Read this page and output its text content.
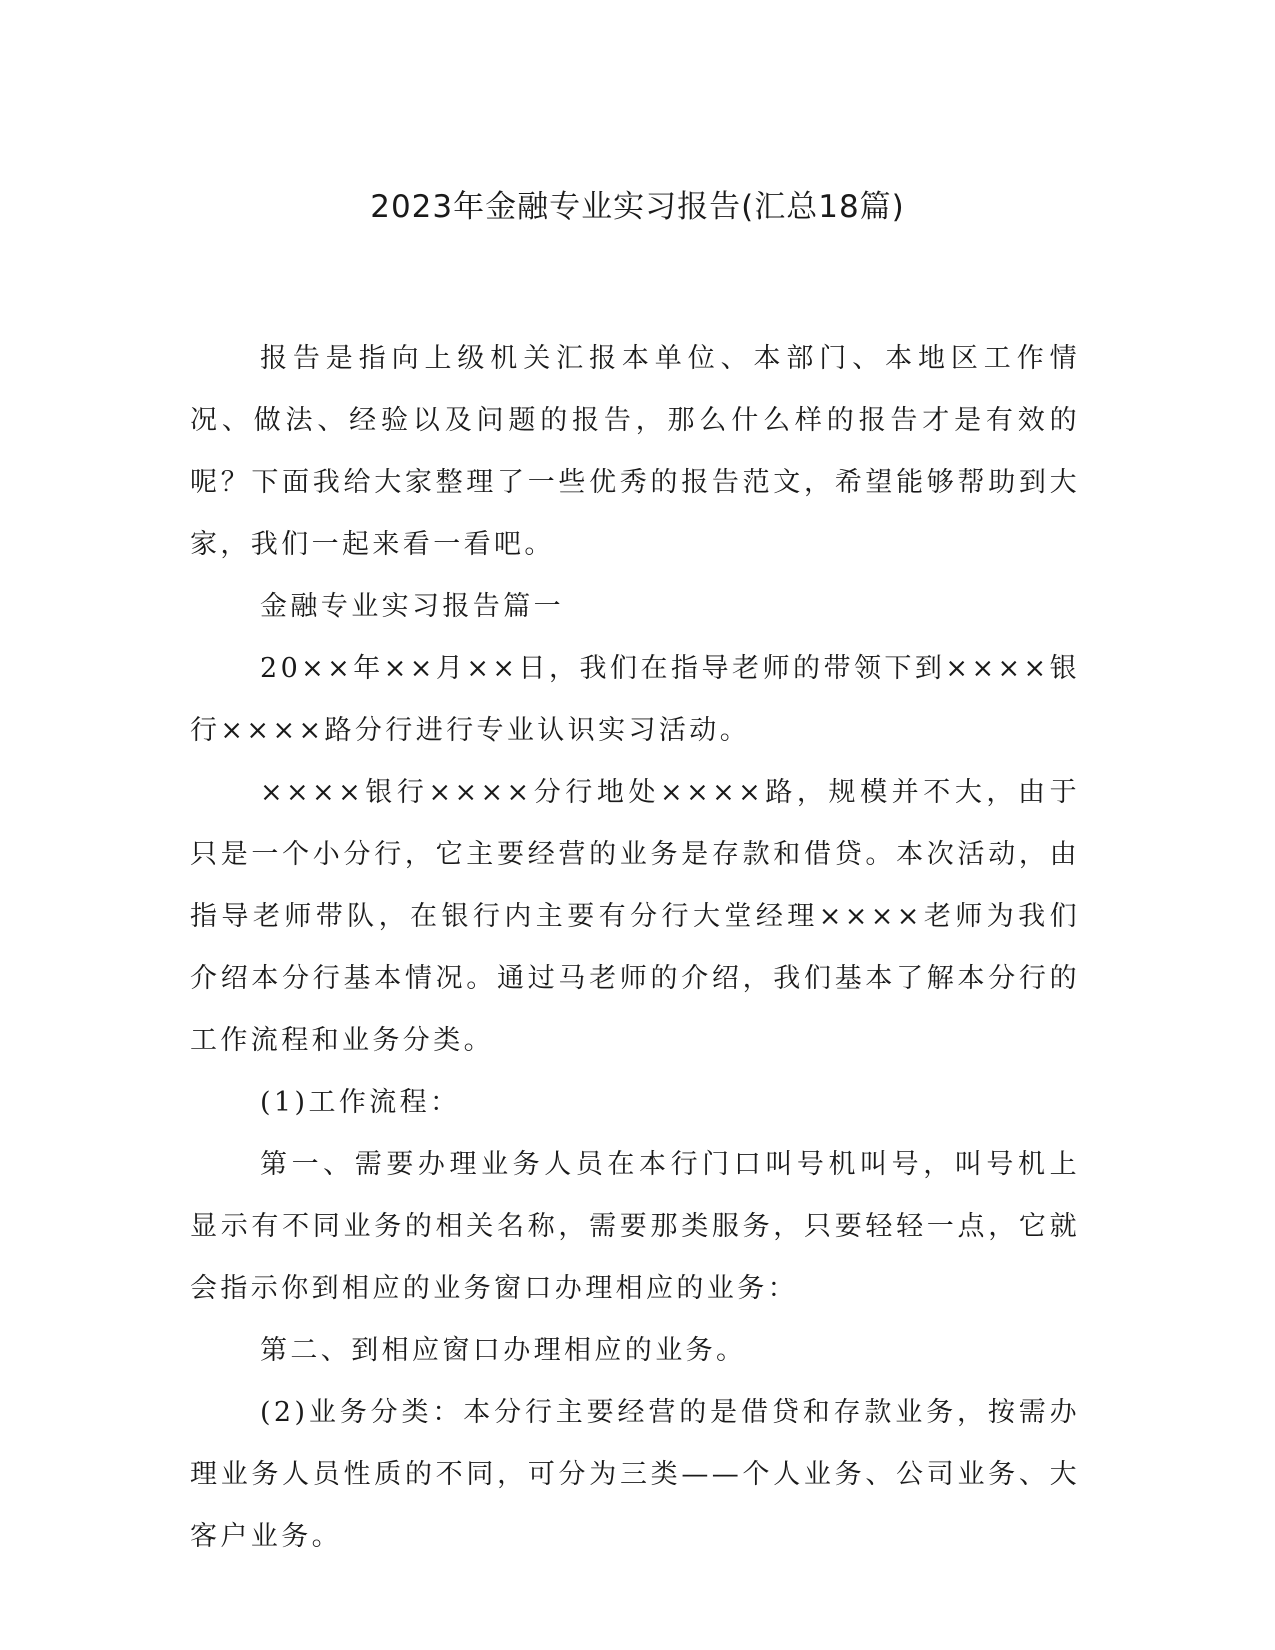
2023年金融专业实习报告(汇总18篇)

报告是指向上级机关汇报本单位、本部门、本地区工作情况、做法、经验以及问题的报告，那么什么样的报告才是有效的呢？下面我给大家整理了一些优秀的报告范文，希望能够帮助到大家，我们一起来看一看吧。

金融专业实习报告篇一

20××年××月××日，我们在指导老师的带领下到××××银行××××路分行进行专业认识实习活动。

××××银行××××分行地处××××路，规模并不大，由于只是一个小分行，它主要经营的业务是存款和借贷。本次活动，由指导老师带队，在银行内主要有分行大堂经理××××老师为我们介绍本分行基本情况。通过马老师的介绍，我们基本了解本分行的工作流程和业务分类。

(1)工作流程：

第一、需要办理业务人员在本行门口叫号机叫号，叫号机上显示有不同业务的相关名称，需要那类服务，只要轻轻一点，它就会指示你到相应的业务窗口办理相应的业务：

第二、到相应窗口办理相应的业务。

(2)业务分类：本分行主要经营的是借贷和存款业务，按需办理业务人员性质的不同，可分为三类——个人业务、公司业务、大客户业务。
